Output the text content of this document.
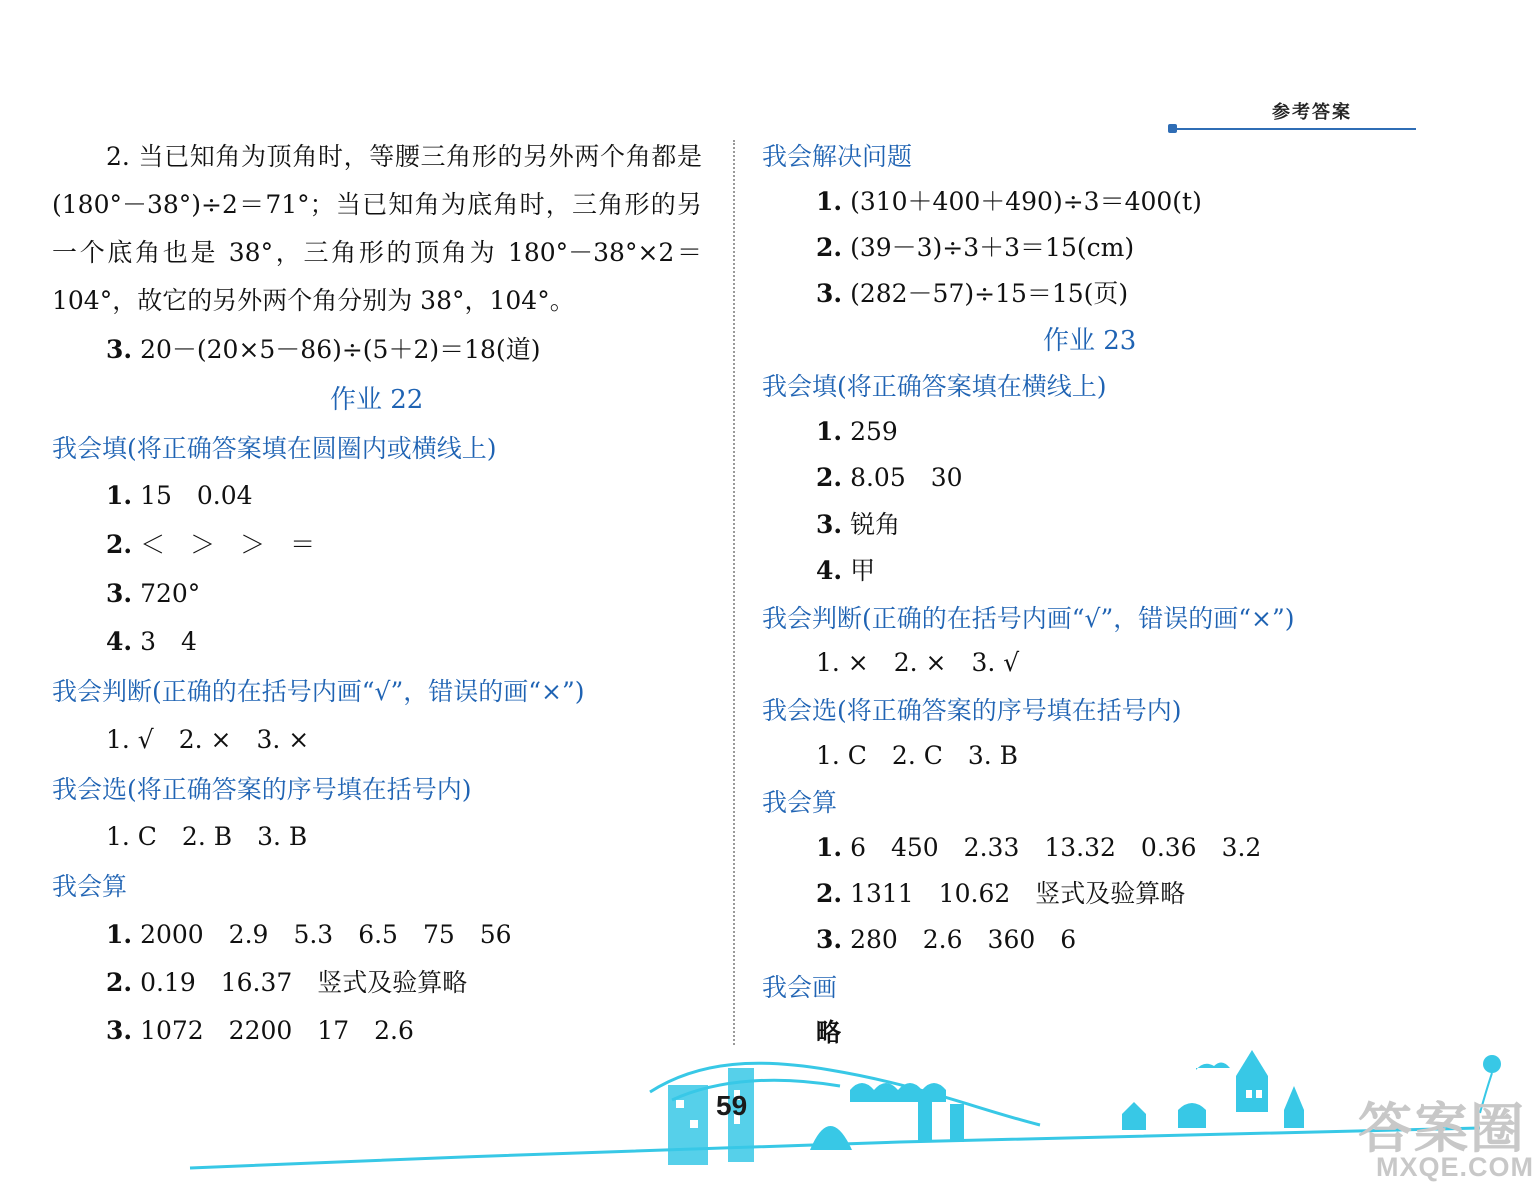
参考答案
2. 当已知角为顶角时，等腰三角形的另外两个角都是(180°－38°)÷2＝71°；当已知角为底角时，三角形的另一个底角也是 38°，三角形的顶角为 180°－38°×2＝104°，故它的另外两个角分别为 38°，104°。
3. 20－(20×5－86)÷(5＋2)＝18(道)
作业 22
我会填(将正确答案填在圆圈内或横线上)
1. 15　0.04
2. ＜　＞　＞　＝
3. 720°
4. 3　4
我会判断(正确的在括号内画“√”，错误的画“×”)
1. √　2. ×　3. ×
我会选(将正确答案的序号填在括号内)
1. C　2. B　3. B
我会算
1. 2000　2.9　5.3　6.5　75　56
2. 0.19　16.37　竖式及验算略
3. 1072　2200　17　2.6
我会解决问题
1. (310＋400＋490)÷3＝400(t)
2. (39－3)÷3＋3＝15(cm)
3. (282－57)÷15＝15(页)
作业 23
我会填(将正确答案填在横线上)
1. 259
2. 8.05　30
3. 锐角
4. 甲
我会判断(正确的在括号内画“√”，错误的画“×”)
1. ×　2. ×　3. √
我会选(将正确答案的序号填在括号内)
1. C　2. C　3. B
我会算
1. 6　450　2.33　13.32　0.36　3.2
2. 1311　10.62　竖式及验算略
3. 280　2.6　360　6
我会画
略
59	答案圈
MXQE.COM
